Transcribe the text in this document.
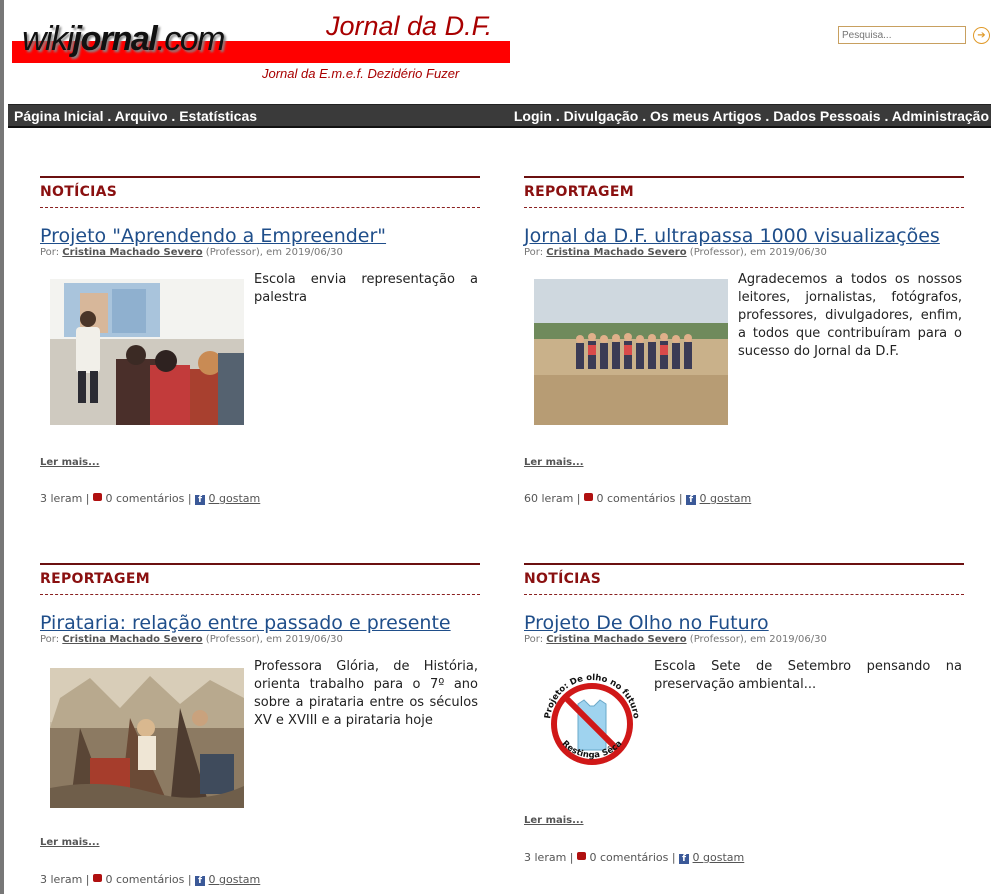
wikijornal.com	Jornal da D.F.
Jornal da E.m.e.f. Dezidério Fuzer
Pesquisa...
➔
Página Inicial . Arquivo . Estatísticas	Login . Divulgação . Os meus Artigos . Dados Pessoais . Administração
NOTÍCIAS
Projeto "Aprendendo a Empreender"
Por: Cristina Machado Severo (Professor), em 2019/06/30
Escola envia representação a palestra
Ler mais...
3 leram |  0 comentários | f 0 gostam
REPORTAGEM
Jornal da D.F. ultrapassa 1000 visualizações
Por: Cristina Machado Severo (Professor), em 2019/06/30
Agradecemos a todos os nossos leitores, jornalistas, fotógrafos, professores, divulgadores, enfim, a todos que contribuíram para o sucesso do Jornal da D.F.
Ler mais...
60 leram |  0 comentários | f 0 gostam
REPORTAGEM
Pirataria: relação entre passado e presente
Por: Cristina Machado Severo (Professor), em 2019/06/30
Professora Glória, de História, orienta trabalho para o 7º ano sobre a pirataria entre os séculos XV e XVIII e a pirataria hoje
Ler mais...
3 leram |  0 comentários | f 0 gostam
NOTÍCIAS
Projeto De Olho no Futuro
Por: Cristina Machado Severo (Professor), em 2019/06/30
Projeto: De olho no futuro
Restinga Sêca
Escola Sete de Setembro pensando na preservação ambiental...
Ler mais...
3 leram |  0 comentários | f 0 gostam
